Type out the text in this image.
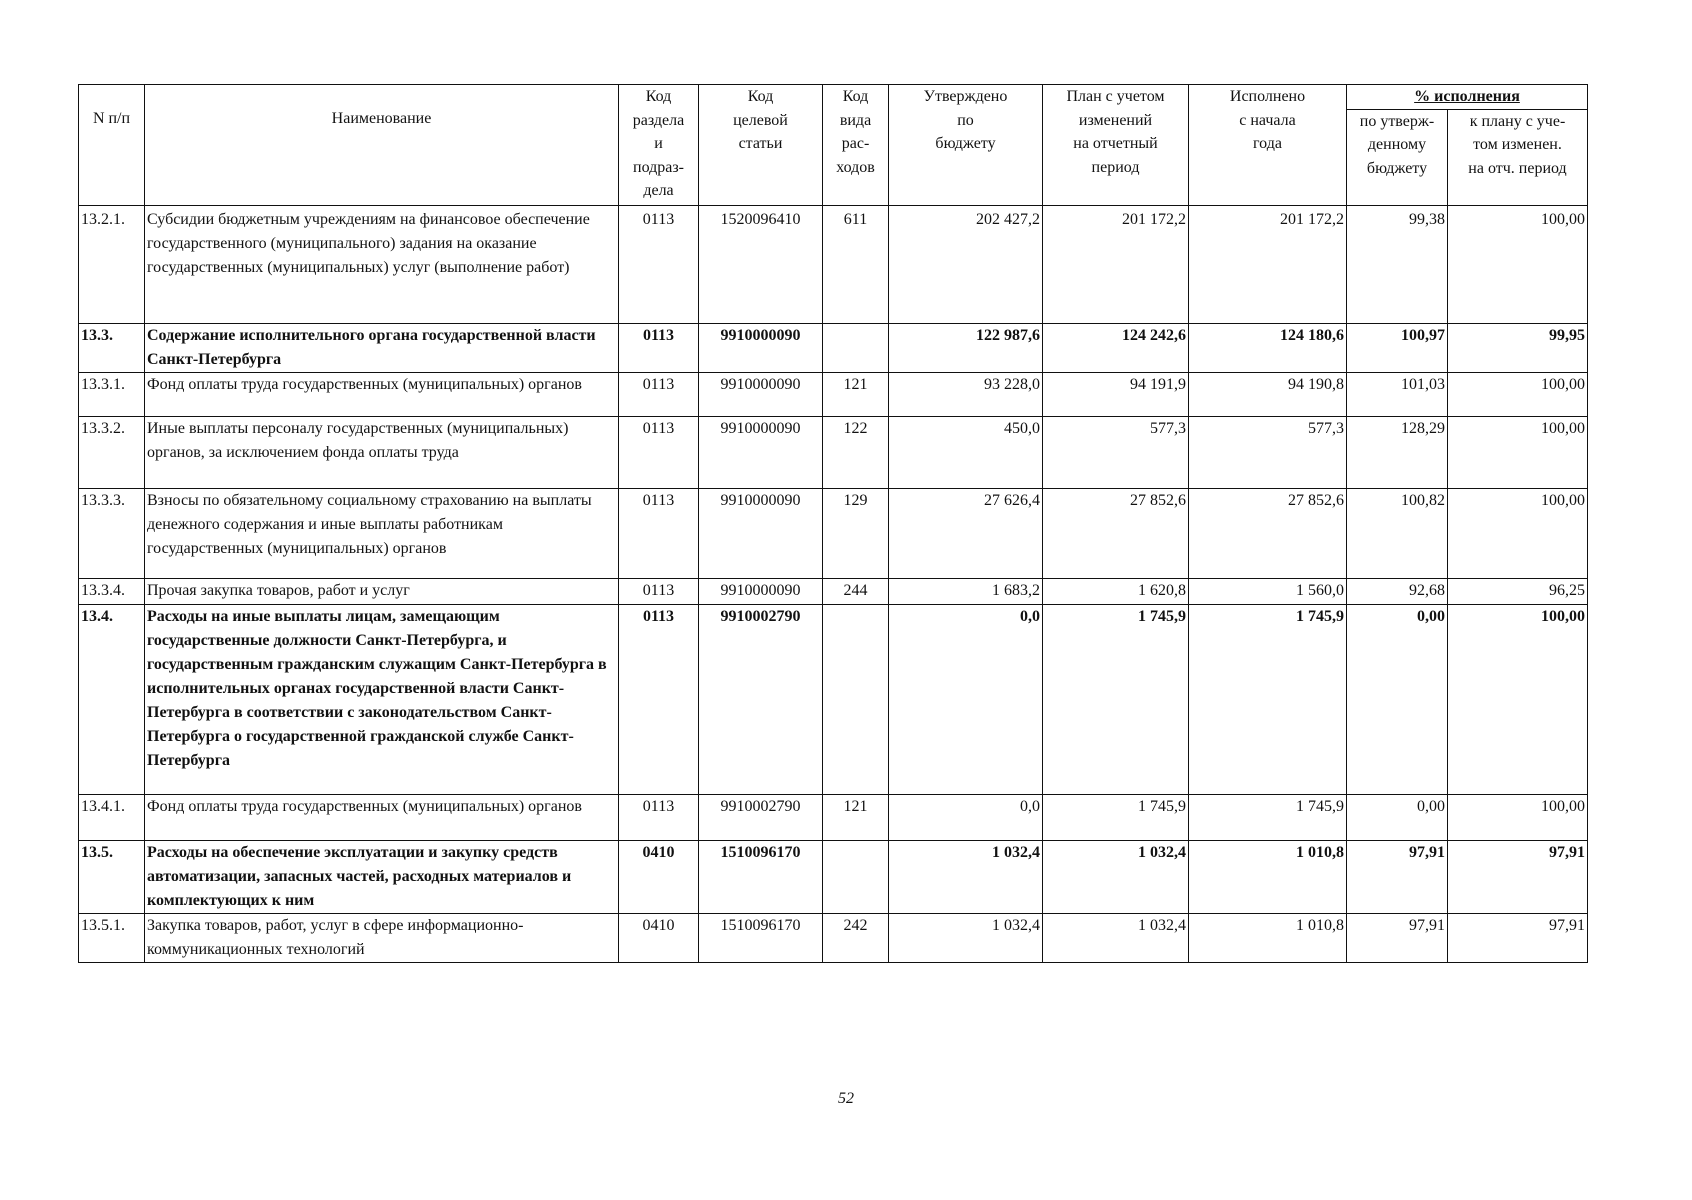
N п/п	Наименование	Код
раздела
и
подраз-
дела	Код
целевой
статьи	Код
вида
рас-
ходов	Утверждено
по
бюджету	План с учетом
изменений
на отчетный
период	Исполнено
с начала
года	% исполнения	

								по утверж-
денному
бюджету	к плану с уче-
том изменен.
на отч. период

13.2.1.	Субсидии бюджетным учреждениям на финансовое обеспечение государственного (муниципального) задания на оказание государственных (муниципальных) услуг (выполнение работ)	0113	1520096410	611	202 427,2	201 172,2	201 172,2	99,38	100,00
13.3.	Содержание исполнительного органа государственной власти Санкт-Петербурга	0113	9910000090		122 987,6	124 242,6	124 180,6	100,97	99,95
13.3.1.	Фонд оплаты труда государственных (муниципальных) органов	0113	9910000090	121	93 228,0	94 191,9	94 190,8	101,03	100,00
13.3.2.	Иные выплаты персоналу государственных (муниципальных) органов, за исключением фонда оплаты труда	0113	9910000090	122	450,0	577,3	577,3	128,29	100,00
13.3.3.	Взносы по обязательному социальному страхованию на выплаты денежного содержания и иные выплаты работникам государственных (муниципальных) органов	0113	9910000090	129	27 626,4	27 852,6	27 852,6	100,82	100,00
13.3.4.	Прочая закупка товаров, работ и услуг	0113	9910000090	244	1 683,2	1 620,8	1 560,0	92,68	96,25
13.4.	Расходы на иные выплаты лицам, замещающим государственные должности Санкт-Петербурга, и государственным гражданским служащим Санкт-Петербурга в исполнительных органах государственной власти Санкт-Петербурга в соответствии с законодательством Санкт-Петербурга о государственной гражданской службе Санкт-Петербурга	0113	9910002790		0,0	1 745,9	1 745,9	0,00	100,00
13.4.1.	Фонд оплаты труда государственных (муниципальных) органов	0113	9910002790	121	0,0	1 745,9	1 745,9	0,00	100,00
13.5.	Расходы на обеспечение эксплуатации и закупку средств автоматизации, запасных частей, расходных материалов и комплектующих к ним	0410	1510096170		1 032,4	1 032,4	1 010,8	97,91	97,91
13.5.1.	Закупка товаров, работ, услуг в сфере информационно-коммуникационных технологий	0410	1510096170	242	1 032,4	1 032,4	1 010,8	97,91	97,91
52
